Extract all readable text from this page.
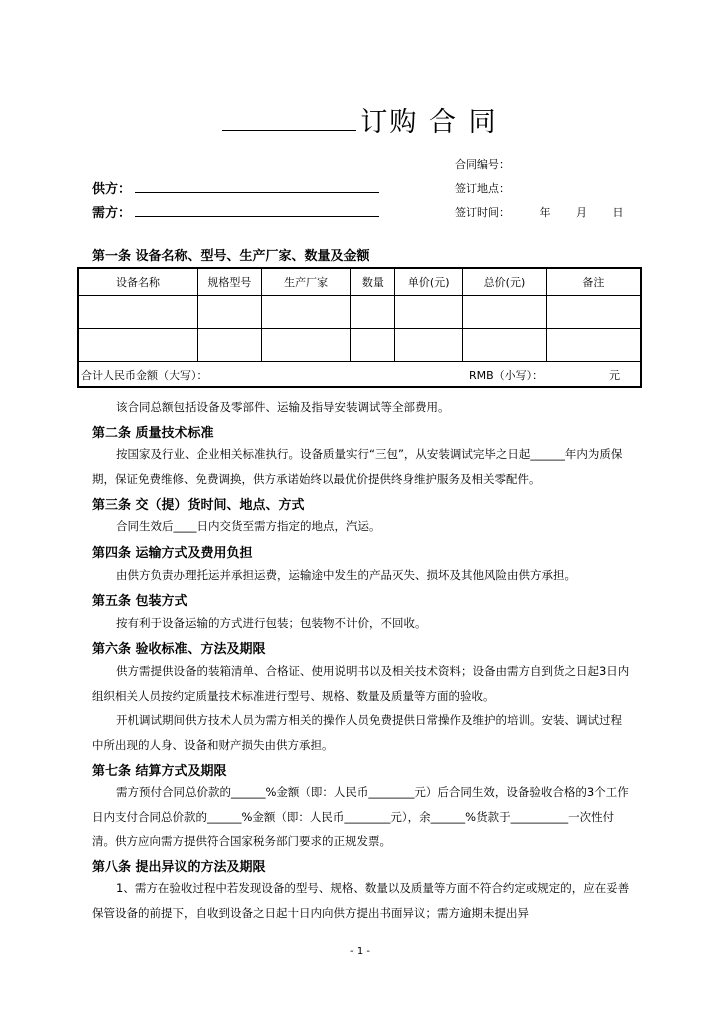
订购 合 同
合同编号：
签订地点：
签订时间：	年 月 日
供方：
需方：
第一条 设备名称、型号、生产厂家、数量及金额
设备名称	规格型号	生产厂家	数量	单价(元)	总价(元)	备注

合计人民币金额（大写）： RMB（小写）： 元						
该合同总额包括设备及零部件、运输及指导安装调试等全部费用。
第二条 质量技术标准
按国家及行业、企业相关标准执行。设备质量实行“三包”，从安装调试完毕之日起______年内为质保期，保证免费维修、免费调换，供方承诺始终以最优价提供终身维护服务及相关零配件。
第三条 交（提）货时间、地点、方式
合同生效后____日内交货至需方指定的地点，汽运。
第四条 运输方式及费用负担
由供方负责办理托运并承担运费，运输途中发生的产品灭失、损坏及其他风险由供方承担。
第五条 包装方式
按有利于设备运输的方式进行包装；包装物不计价，不回收。
第六条 验收标准、方法及期限
供方需提供设备的装箱清单、合格证、使用说明书以及相关技术资料；设备由需方自到货之日起3日内组织相关人员按约定质量技术标准进行型号、规格、数量及质量等方面的验收。
开机调试期间供方技术人员为需方相关的操作人员免费提供日常操作及维护的培训。安装、调试过程中所出现的人身、设备和财产损失由供方承担。
第七条 结算方式及期限
需方预付合同总价款的______%金额（即：人民币________元）后合同生效，设备验收合格的3个工作日内支付合同总价款的______%金额（即：人民币________元），余______%货款于__________一次性付清。供方应向需方提供符合国家税务部门要求的正规发票。
第八条 提出异议的方法及期限
1、需方在验收过程中若发现设备的型号、规格、数量以及质量等方面不符合约定或规定的，应在妥善保管设备的前提下，自收到设备之日起十日内向供方提出书面异议；需方逾期未提出异
- 1 -
